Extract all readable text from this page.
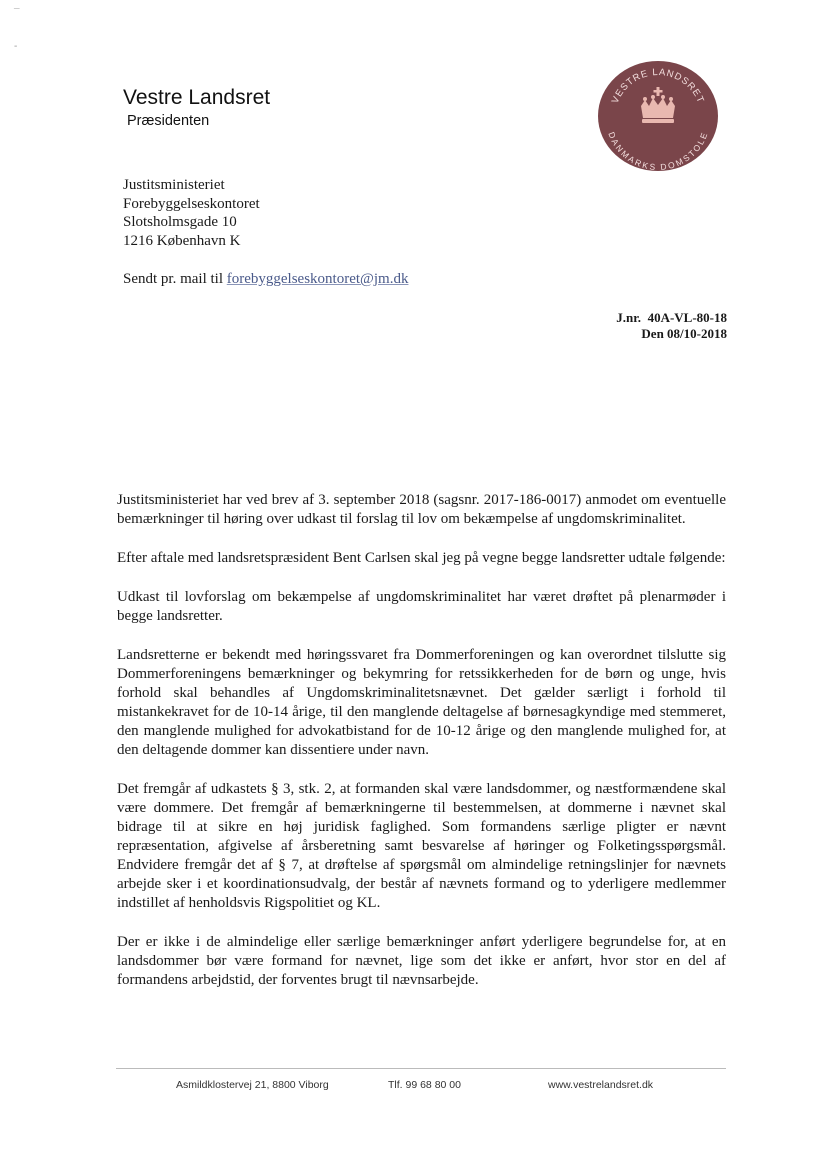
¯

-
Vestre Landsret
Præsidenten
VESTRE LANDSRET
DANMARKS DOMSTOLE
Justitsministeriet
Forebyggelseskontoret
Slotsholmsgade 10
1216 København K
Sendt pr. mail til forebyggelseskontoret@jm.dk
J.nr. 40A-VL-80-18
Den 08/10-2018

Justitsministeriet har ved brev af 3. september 2018 (sagsnr. 2017-186-0017) anmodet om eventuelle bemærkninger til høring over udkast til forslag til lov om bekæmpelse af ungdomskriminalitet.

Efter aftale med landsretspræsident Bent Carlsen skal jeg på vegne begge landsretter udtale følgende:

Udkast til lovforslag om bekæmpelse af ungdomskriminalitet har været drøftet på plenarmøder i begge landsretter.

Landsretterne er bekendt med høringssvaret fra Dommerforeningen og kan overordnet tilslutte sig Dommerforeningens bemærkninger og bekymring for retssikkerheden for de børn og unge, hvis forhold skal behandles af Ungdomskriminalitetsnævnet. Det gælder særligt i forhold til mistankekravet for de 10-14 årige, til den manglende deltagelse af børnesagkyndige med stemmeret, den manglende mulighed for advokatbistand for de 10-12 årige og den manglende mulighed for, at den deltagende dommer kan dissentiere under navn.

Det fremgår af udkastets § 3, stk. 2, at formanden skal være landsdommer, og næstformændene skal være dommere. Det fremgår af bemærkningerne til bestemmelsen, at dommerne i nævnet skal bidrage til at sikre en høj juridisk faglighed. Som formandens særlige pligter er nævnt repræsentation, afgivelse af årsberetning samt besvarelse af høringer og Folketingsspørgsmål. Endvidere fremgår det af § 7, at drøftelse af spørgsmål om almindelige retningslinjer for nævnets arbejde sker i et koordinationsudvalg, der består af nævnets formand og to yderligere medlemmer indstillet af henholdsvis Rigspolitiet og KL.

Der er ikke i de almindelige eller særlige bemærkninger anført yderligere begrundelse for, at en landsdommer bør være formand for nævnet, lige som det ikke er anført, hvor stor en del af formandens arbejdstid, der forventes brugt til nævnsarbejde.

Asmildklostervej 21, 8800 Viborg	Tlf. 99 68 80 00	www.vestrelandsret.dk
